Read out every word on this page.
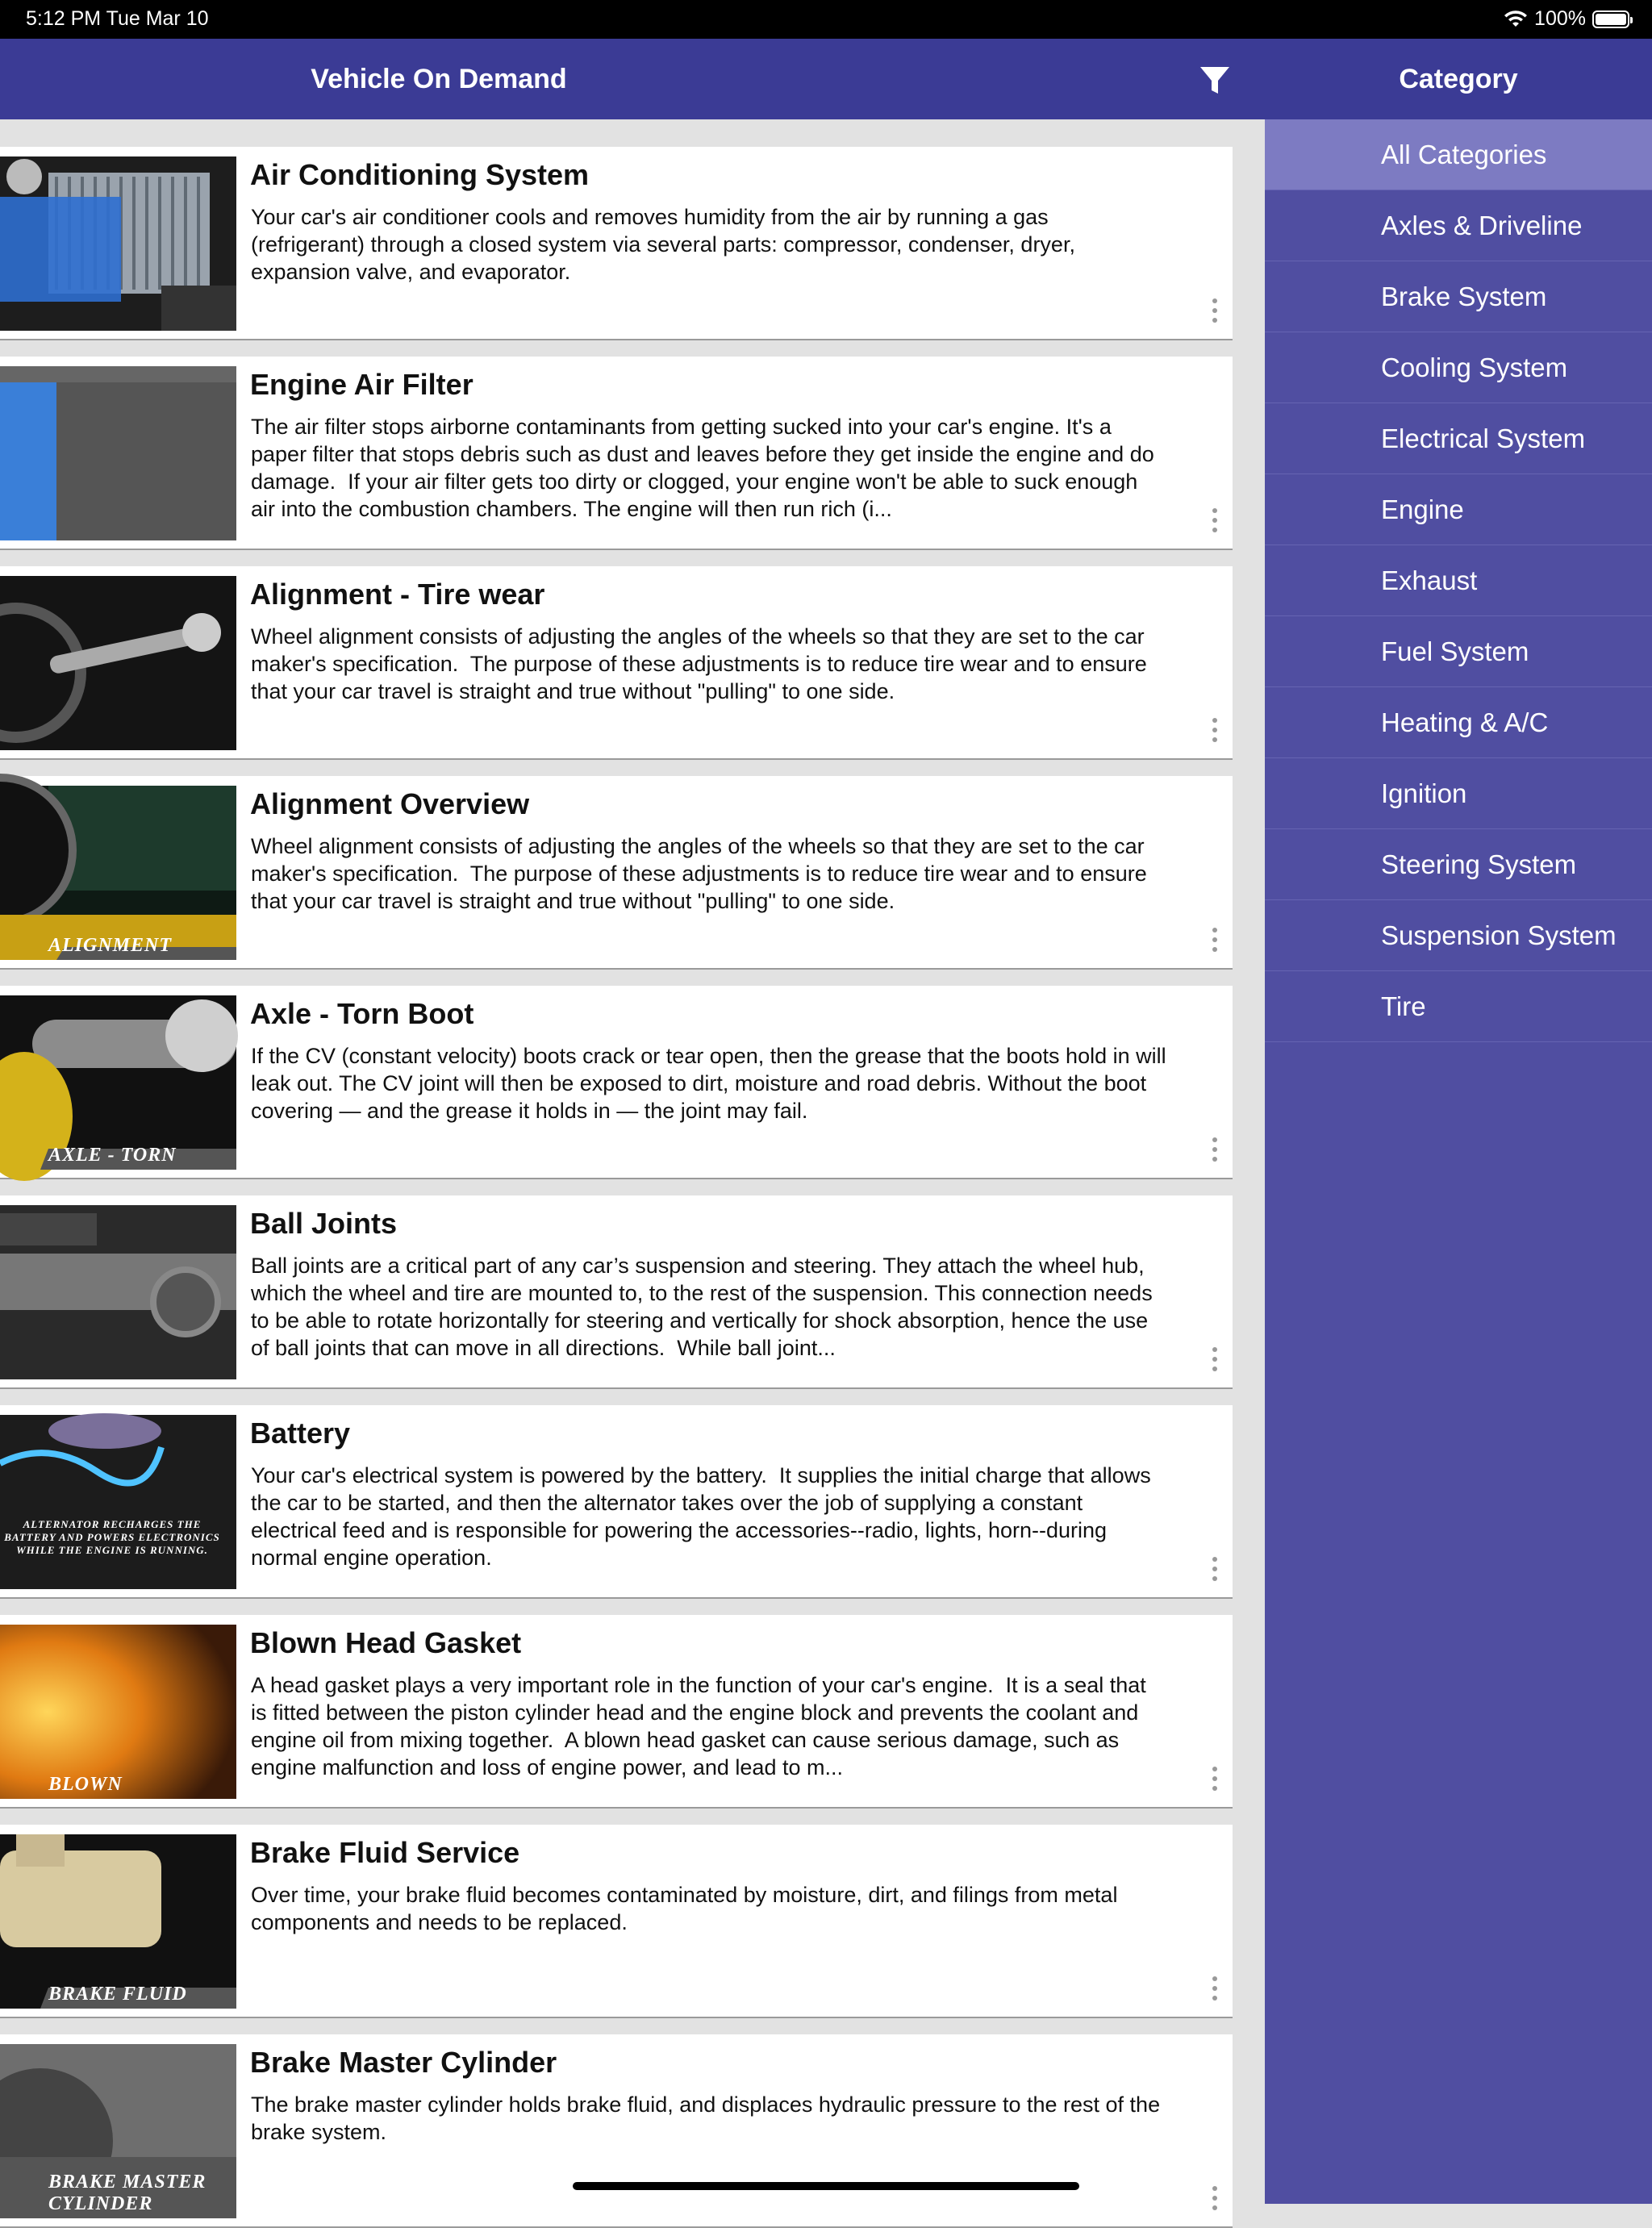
5:12 PM Tue Mar 10	100%
Vehicle On Demand	Category
Air Conditioning System
Your car's air conditioner cools and removes humidity from the air by running a gas (refrigerant) through a closed system via several parts: compressor, condenser, dryer, expansion valve, and evaporator.
Engine Air Filter
The air filter stops airborne contaminants from getting sucked into your car's engine. It's a paper filter that stops debris such as dust and leaves before they get inside the engine and do damage.  If your air filter gets too dirty or clogged, your engine won't be able to suck enough air into the combustion chambers. The engine will then run rich (i...
Alignment - Tire wear
Wheel alignment consists of adjusting the angles of the wheels so that they are set to the car maker's specification.  The purpose of these adjustments is to reduce tire wear and to ensure that your car travel is straight and true without "pulling" to one side.
ALIGNMENT
Alignment Overview
Wheel alignment consists of adjusting the angles of the wheels so that they are set to the car maker's specification.  The purpose of these adjustments is to reduce tire wear and to ensure that your car travel is straight and true without "pulling" to one side.
AXLE - TORN
Axle - Torn Boot
If the CV (constant velocity) boots crack or tear open, then the grease that the boots hold in will leak out. The CV joint will then be exposed to dirt, moisture and road debris. Without the boot covering — and the grease it holds in — the joint may fail.
Ball Joints
Ball joints are a critical part of any car’s suspension and steering. They attach the wheel hub, which the wheel and tire are mounted to, to the rest of the suspension. This connection needs to be able to rotate horizontally for steering and vertically for shock absorption, hence the use of ball joints that can move in all directions.  While ball joint...
ALTERNATOR RECHARGES THE BATTERY AND POWERS ELECTRONICS WHILE THE ENGINE IS RUNNING.
Battery
Your car's electrical system is powered by the battery.  It supplies the initial charge that allows the car to be started, and then the alternator takes over the job of supplying a constant electrical feed and is responsible for powering the accessories--radio, lights, horn--during normal engine operation.
BLOWN
Blown Head Gasket
A head gasket plays a very important role in the function of your car's engine.  It is a seal that is fitted between the piston cylinder head and the engine block and prevents the coolant and engine oil from mixing together.  A blown head gasket can cause serious damage, such as engine malfunction and loss of engine power, and lead to m...
BRAKE FLUID
Brake Fluid Service
Over time, your brake fluid becomes contaminated by moisture, dirt, and filings from metal components and needs to be replaced.
BRAKE MASTER CYLINDER
Brake Master Cylinder
The brake master cylinder holds brake fluid, and displaces hydraulic pressure to the rest of the brake system.
All Categories
Axles & Driveline
Brake System
Cooling System
Electrical System
Engine
Exhaust
Fuel System
Heating & A/C
Ignition
Steering System
Suspension System
Tire
